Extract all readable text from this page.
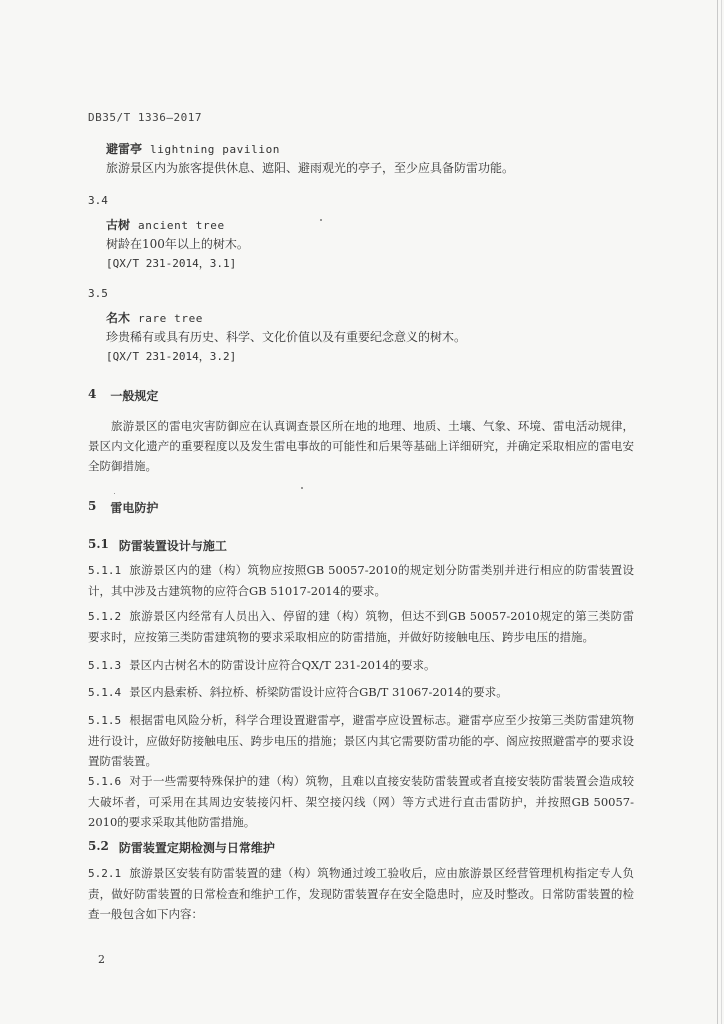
DB35/T 1336—2017
避雷亭 lightning pavilion
旅游景区内为旅客提供休息、遮阳、避雨观光的亭子，至少应具备防雷功能。
3.4
古树 ancient tree
树龄在100年以上的树木。
[QX/T 231-2014，3.1]
3.5
名木 rare tree
珍贵稀有或具有历史、科学、文化价值以及有重要纪念意义的树木。
[QX/T 231-2014，3.2]
4 一般规定
旅游景区的雷电灾害防御应在认真调查景区所在地的地理、地质、土壤、气象、环境、雷电活动规律，景区内文化遗产的重要程度以及发生雷电事故的可能性和后果等基础上详细研究，并确定采取相应的雷电安全防御措施。
5 雷电防护
5.1 防雷装置设计与施工
5.1.1 旅游景区内的建（构）筑物应按照GB 50057-2010的规定划分防雷类别并进行相应的防雷装置设计，其中涉及古建筑物的应符合GB 51017-2014的要求。
5.1.2 旅游景区内经常有人员出入、停留的建（构）筑物，但达不到GB 50057-2010规定的第三类防雷要求时，应按第三类防雷建筑物的要求采取相应的防雷措施，并做好防接触电压、跨步电压的措施。
5.1.3 景区内古树名木的防雷设计应符合QX/T 231-2014的要求。
5.1.4 景区内悬索桥、斜拉桥、桥梁防雷设计应符合GB/T 31067-2014的要求。
5.1.5 根据雷电风险分析，科学合理设置避雷亭，避雷亭应设置标志。避雷亭应至少按第三类防雷建筑物进行设计，应做好防接触电压、跨步电压的措施；景区内其它需要防雷功能的亭、阁应按照避雷亭的要求设置防雷装置。
5.1.6 对于一些需要特殊保护的建（构）筑物，且难以直接安装防雷装置或者直接安装防雷装置会造成较大破坏者，可采用在其周边安装接闪杆、架空接闪线（网）等方式进行直击雷防护，并按照GB 50057-2010的要求采取其他防雷措施。
5.2 防雷装置定期检测与日常维护
5.2.1 旅游景区安装有防雷装置的建（构）筑物通过竣工验收后，应由旅游景区经营管理机构指定专人负责，做好防雷装置的日常检查和维护工作，发现防雷装置存在安全隐患时，应及时整改。日常防雷装置的检查一般包含如下内容：
2
